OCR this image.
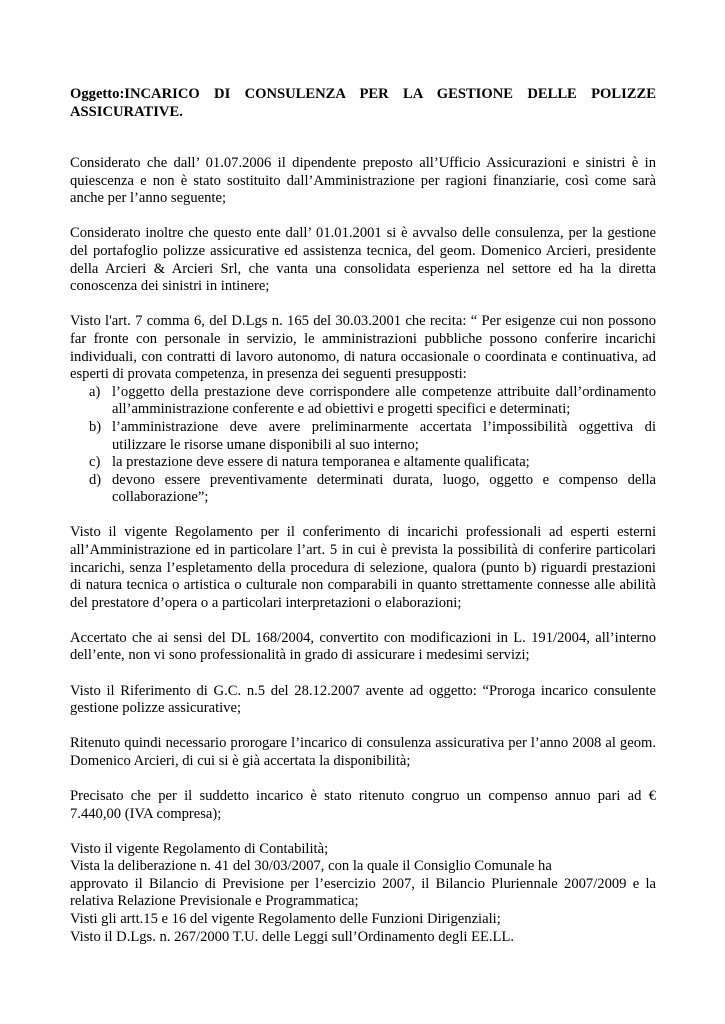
Oggetto:INCARICO DI CONSULENZA PER LA GESTIONE DELLE POLIZZE ASSICURATIVE.

Considerato che dall’ 01.07.2006 il dipendente preposto all’Ufficio Assicurazioni e sinistri è in quiescenza e non è stato sostituito dall’Amministrazione per ragioni finanziarie, così come sarà anche per l’anno seguente;

Considerato inoltre che questo ente dall’ 01.01.2001 si è avvalso delle consulenza, per la gestione del portafoglio polizze assicurative ed assistenza tecnica, del geom. Domenico Arcieri, presidente della Arcieri & Arcieri Srl, che vanta una consolidata esperienza nel settore ed ha la diretta conoscenza dei sinistri in intinere;

Visto l'art. 7 comma 6, del D.Lgs n. 165 del 30.03.2001 che recita: “ Per esigenze cui non possono far fronte con personale in servizio, le amministrazioni pubbliche possono conferire incarichi individuali, con contratti di lavoro autonomo, di natura occasionale o coordinata e continuativa, ad esperti di provata competenza, in presenza dei seguenti presupposti:

a) l’oggetto della prestazione deve corrispondere alle competenze attribuite dall’ordinamento all’amministrazione conferente e ad obiettivi e progetti specifici e determinati;
b) l’amministrazione deve avere preliminarmente accertata l’impossibilità oggettiva di utilizzare le risorse umane disponibili al suo interno;
c) la prestazione deve essere di natura temporanea e altamente qualificata;
d) devono essere preventivamente determinati durata, luogo, oggetto e compenso della collaborazione”;

Visto il vigente Regolamento per il conferimento di incarichi professionali ad esperti esterni all’Amministrazione ed in particolare l’art. 5 in cui è prevista la possibilità di conferire particolari incarichi, senza l’espletamento della procedura di selezione, qualora (punto b) riguardi prestazioni di natura tecnica o artistica o culturale non comparabili in quanto strettamente connesse alle abilità del prestatore d’opera o a particolari interpretazioni o elaborazioni;

Accertato che ai sensi del DL 168/2004, convertito con modificazioni in L. 191/2004, all’interno dell’ente, non vi sono professionalità in grado di assicurare i medesimi servizi;

Visto il Riferimento di G.C. n.5 del 28.12.2007 avente ad oggetto: “Proroga incarico consulente gestione polizze assicurative;

Ritenuto quindi necessario prorogare l’incarico di consulenza assicurativa per l’anno 2008 al geom. Domenico Arcieri, di cui si è già accertata la disponibilità;

Precisato che per il suddetto incarico è stato ritenuto congruo un compenso annuo pari ad € 7.440,00 (IVA compresa);

Visto il vigente Regolamento di Contabilità;
Vista la deliberazione n. 41 del 30/03/2007, con la quale il Consiglio Comunale ha
approvato il Bilancio di Previsione per l’esercizio 2007, il Bilancio Pluriennale 2007/2009 e la relativa Relazione Previsionale e Programmatica;
Visti gli artt.15 e 16 del vigente Regolamento delle Funzioni Dirigenziali;
Visto il D.Lgs. n. 267/2000 T.U. delle Leggi sull’Ordinamento degli EE.LL.
